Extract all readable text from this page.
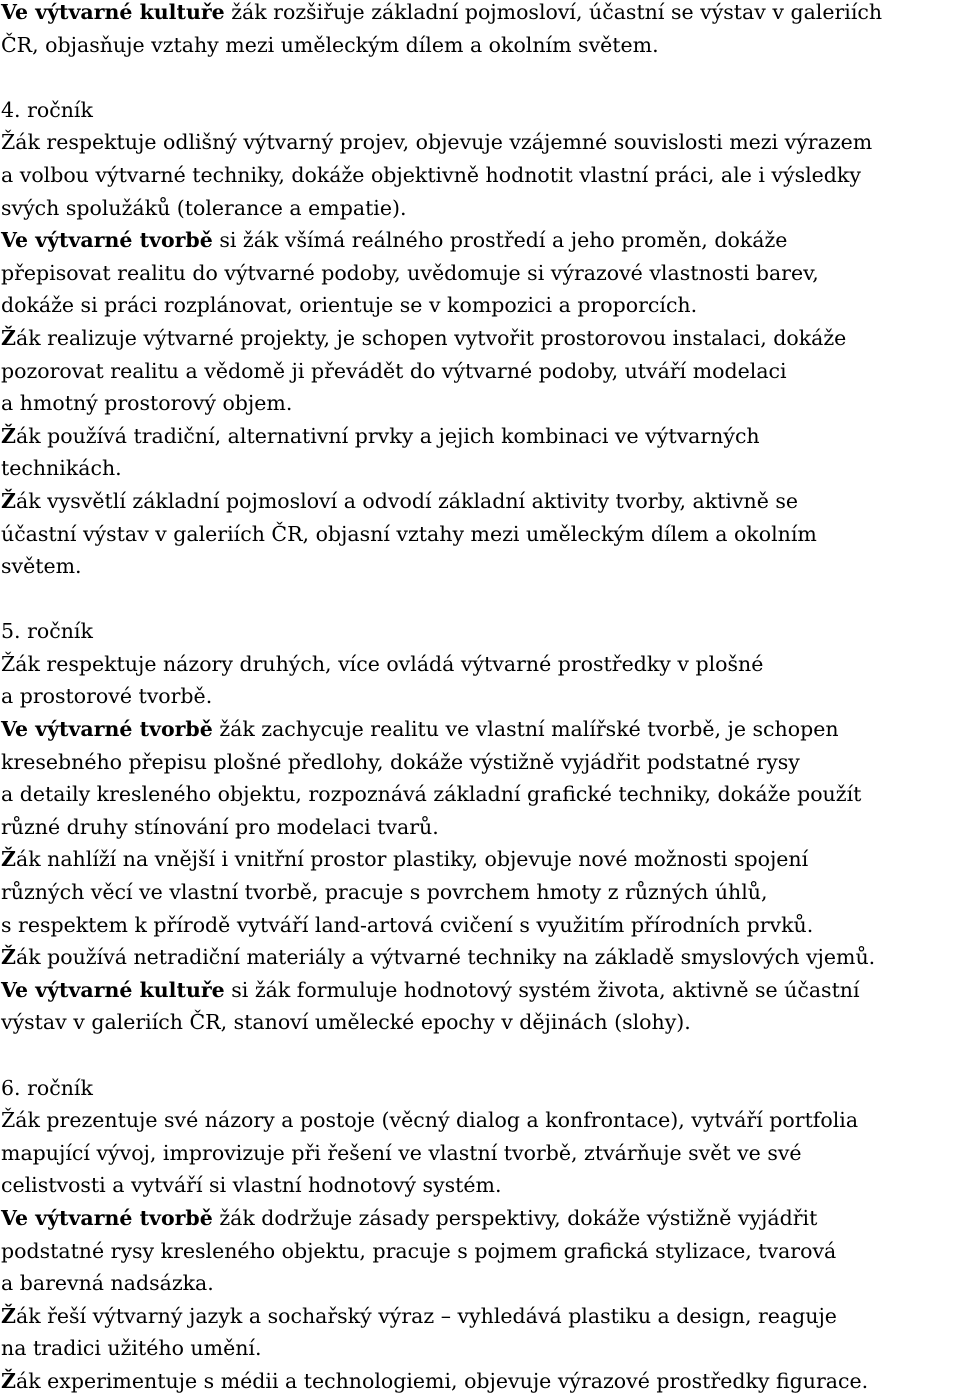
Ve výtvarné kultuře žák rozšiřuje základní pojmosloví, účastní se výstav v galeriích
ČR, objasňuje vztahy mezi uměleckým dílem a okolním světem.
4. ročník
Žák respektuje odlišný výtvarný projev, objevuje vzájemné souvislosti mezi výrazem
a volbou výtvarné techniky, dokáže objektivně hodnotit vlastní práci, ale i výsledky
svých spolužáků (tolerance a empatie).
Ve výtvarné tvorbě si žák všímá reálného prostředí a jeho proměn, dokáže
přepisovat realitu do výtvarné podoby, uvědomuje si výrazové vlastnosti barev,
dokáže si práci rozplánovat, orientuje se v kompozici a proporcích.
Žák realizuje výtvarné projekty, je schopen vytvořit prostorovou instalaci, dokáže
pozorovat realitu a vědomě ji převádět do výtvarné podoby, utváří modelaci
a hmotný prostorový objem.
Žák používá tradiční, alternativní prvky a jejich kombinaci ve výtvarných
technikách.
Žák vysvětlí základní pojmosloví a odvodí základní aktivity tvorby, aktivně se
účastní výstav v galeriích ČR, objasní vztahy mezi uměleckým dílem a okolním
světem.
5. ročník
Žák respektuje názory druhých, více ovládá výtvarné prostředky v plošné
a prostorové tvorbě.
Ve výtvarné tvorbě žák zachycuje realitu ve vlastní malířské tvorbě, je schopen
kresebného přepisu plošné předlohy, dokáže výstižně vyjádřit podstatné rysy
a detaily kresleného objektu, rozpoznává základní grafické techniky, dokáže použít
různé druhy stínování pro modelaci tvarů.
Žák nahlíží na vnější i vnitřní prostor plastiky, objevuje nové možnosti spojení
různých věcí ve vlastní tvorbě, pracuje s povrchem hmoty z různých úhlů,
s respektem k přírodě vytváří land-artová cvičení s využitím přírodních prvků.
Žák používá netradiční materiály a výtvarné techniky na základě smyslových vjemů.
Ve výtvarné kultuře si žák formuluje hodnotový systém života, aktivně se účastní
výstav v galeriích ČR, stanoví umělecké epochy v dějinách (slohy).
6. ročník
Žák prezentuje své názory a postoje (věcný dialog a konfrontace), vytváří portfolia
mapující vývoj, improvizuje při řešení ve vlastní tvorbě, ztvárňuje svět ve své
celistvosti a vytváří si vlastní hodnotový systém.
Ve výtvarné tvorbě žák dodržuje zásady perspektivy, dokáže výstižně vyjádřit
podstatné rysy kresleného objektu, pracuje s pojmem grafická stylizace, tvarová
a barevná nadsázka.
Žák řeší výtvarný jazyk a sochařský výraz – vyhledává plastiku a design, reaguje
na tradici užitého umění.
Žák experimentuje s médii a technologiemi, objevuje výrazové prostředky figurace.
